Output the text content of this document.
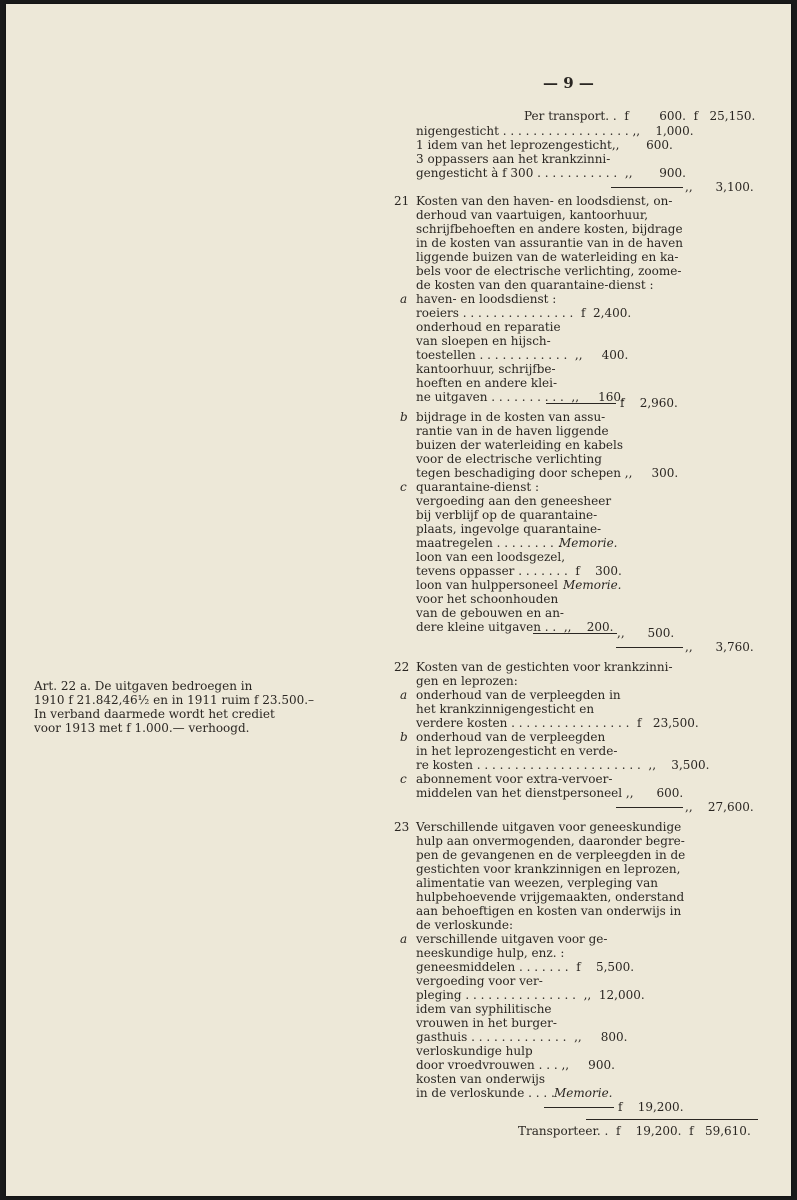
— 9 —
Art. 22 a. De uitgaven bedroegen in
1910 f 21.842,46½ en in 1911 ruim f 23.500.–
In verband daarmede wordt het crediet
voor 1913 met f 1.000.— verhoogd.
Per transport. .  f        600.  f   25,150.
nigengesticht . . . . . . . . . . . . . . . . . ,,    1,000.
1 idem van het leprozengesticht,,       600.
3 oppassers aan het krankzinni-
gengesticht à f 300 . . . . . . . . . . .  ,,       900.
,,      3,100.
21 Kosten van den haven- en loodsdienst, on-
derhoud van vaartuigen, kantoorhuur,
schrijfbehoeften en andere kosten, bijdrage
in de kosten van assurantie van in de haven
liggende buizen van de waterleiding en ka-
bels voor de electrische verlichting, zoome-
de kosten van den quarantaine-dienst :
a haven- en loodsdienst :
roeiers . . . . . . . . . . . . . . .  f  2,400.
onderhoud en reparatie
van sloepen en hijsch-
toestellen . . . . . . . . . . . .  ,,     400.
kantoorhuur, schrijfbe-
hoeften en andere klei-
ne uitgaven . . . . . . . . . .  ,,     160.
f    2,960.
b bijdrage in de kosten van assu-
rantie van in de haven liggende
buizen der waterleiding en kabels
voor de electrische verlichting
tegen beschadiging door schepen ,,     300.
c quarantaine-dienst :
vergoeding aan den geneesheer
bij verblijf op de quarantaine-
plaats, ingevolge quarantaine-
maatregelen . . . . . . . . .
Memorie.
loon van een loodsgezel,
tevens oppasser . . . . . . .  f    300.
loon van hulppersoneel Memorie.
voor het schoonhouden
van de gebouwen en an-
dere kleine uitgaven . .  ,,    200. ,,      500.
,,      3,760.
22 Kosten van de gestichten voor krankzinni-
gen en leprozen:
a onderhoud van de verpleegden in
het krankzinnigengesticht en
verdere kosten . . . . . . . . . . . . . . . .  f   23,500.
b onderhoud van de verpleegden
in het leprozengesticht en verde-
re kosten . . . . . . . . . . . . . . . . . . . . . .  ,,    3,500.
c abonnement voor extra-vervoer-
middelen van het dienstpersoneel ,,      600.
,,    27,600.
23 Verschillende uitgaven voor geneeskundige
hulp aan onvermogenden, daaronder begre-
pen de gevangenen en de verpleegden in de
gestichten voor krankzinnigen en leprozen,
alimentatie van weezen, verpleging van
hulpbehoevende vrijgemaakten, onderstand
aan behoeftigen en kosten van onderwijs in
de verloskunde:
a verschillende uitgaven voor ge-
neeskundige hulp, enz. :
geneesmiddelen . . . . . . .  f    5,500.
vergoeding voor ver-
pleging . . . . . . . . . . . . . . .  ,,  12,000.
idem van syphilitische
vrouwen in het burger-
gasthuis . . . . . . . . . . . . .  ,,     800.
verloskundige hulp
door vroedvrouwen . . . ,,     900.
kosten van onderwijs
in de verloskunde . . . . Memorie.
f    19,200.
Transporteer. .  f    19,200.  f   59,610.
